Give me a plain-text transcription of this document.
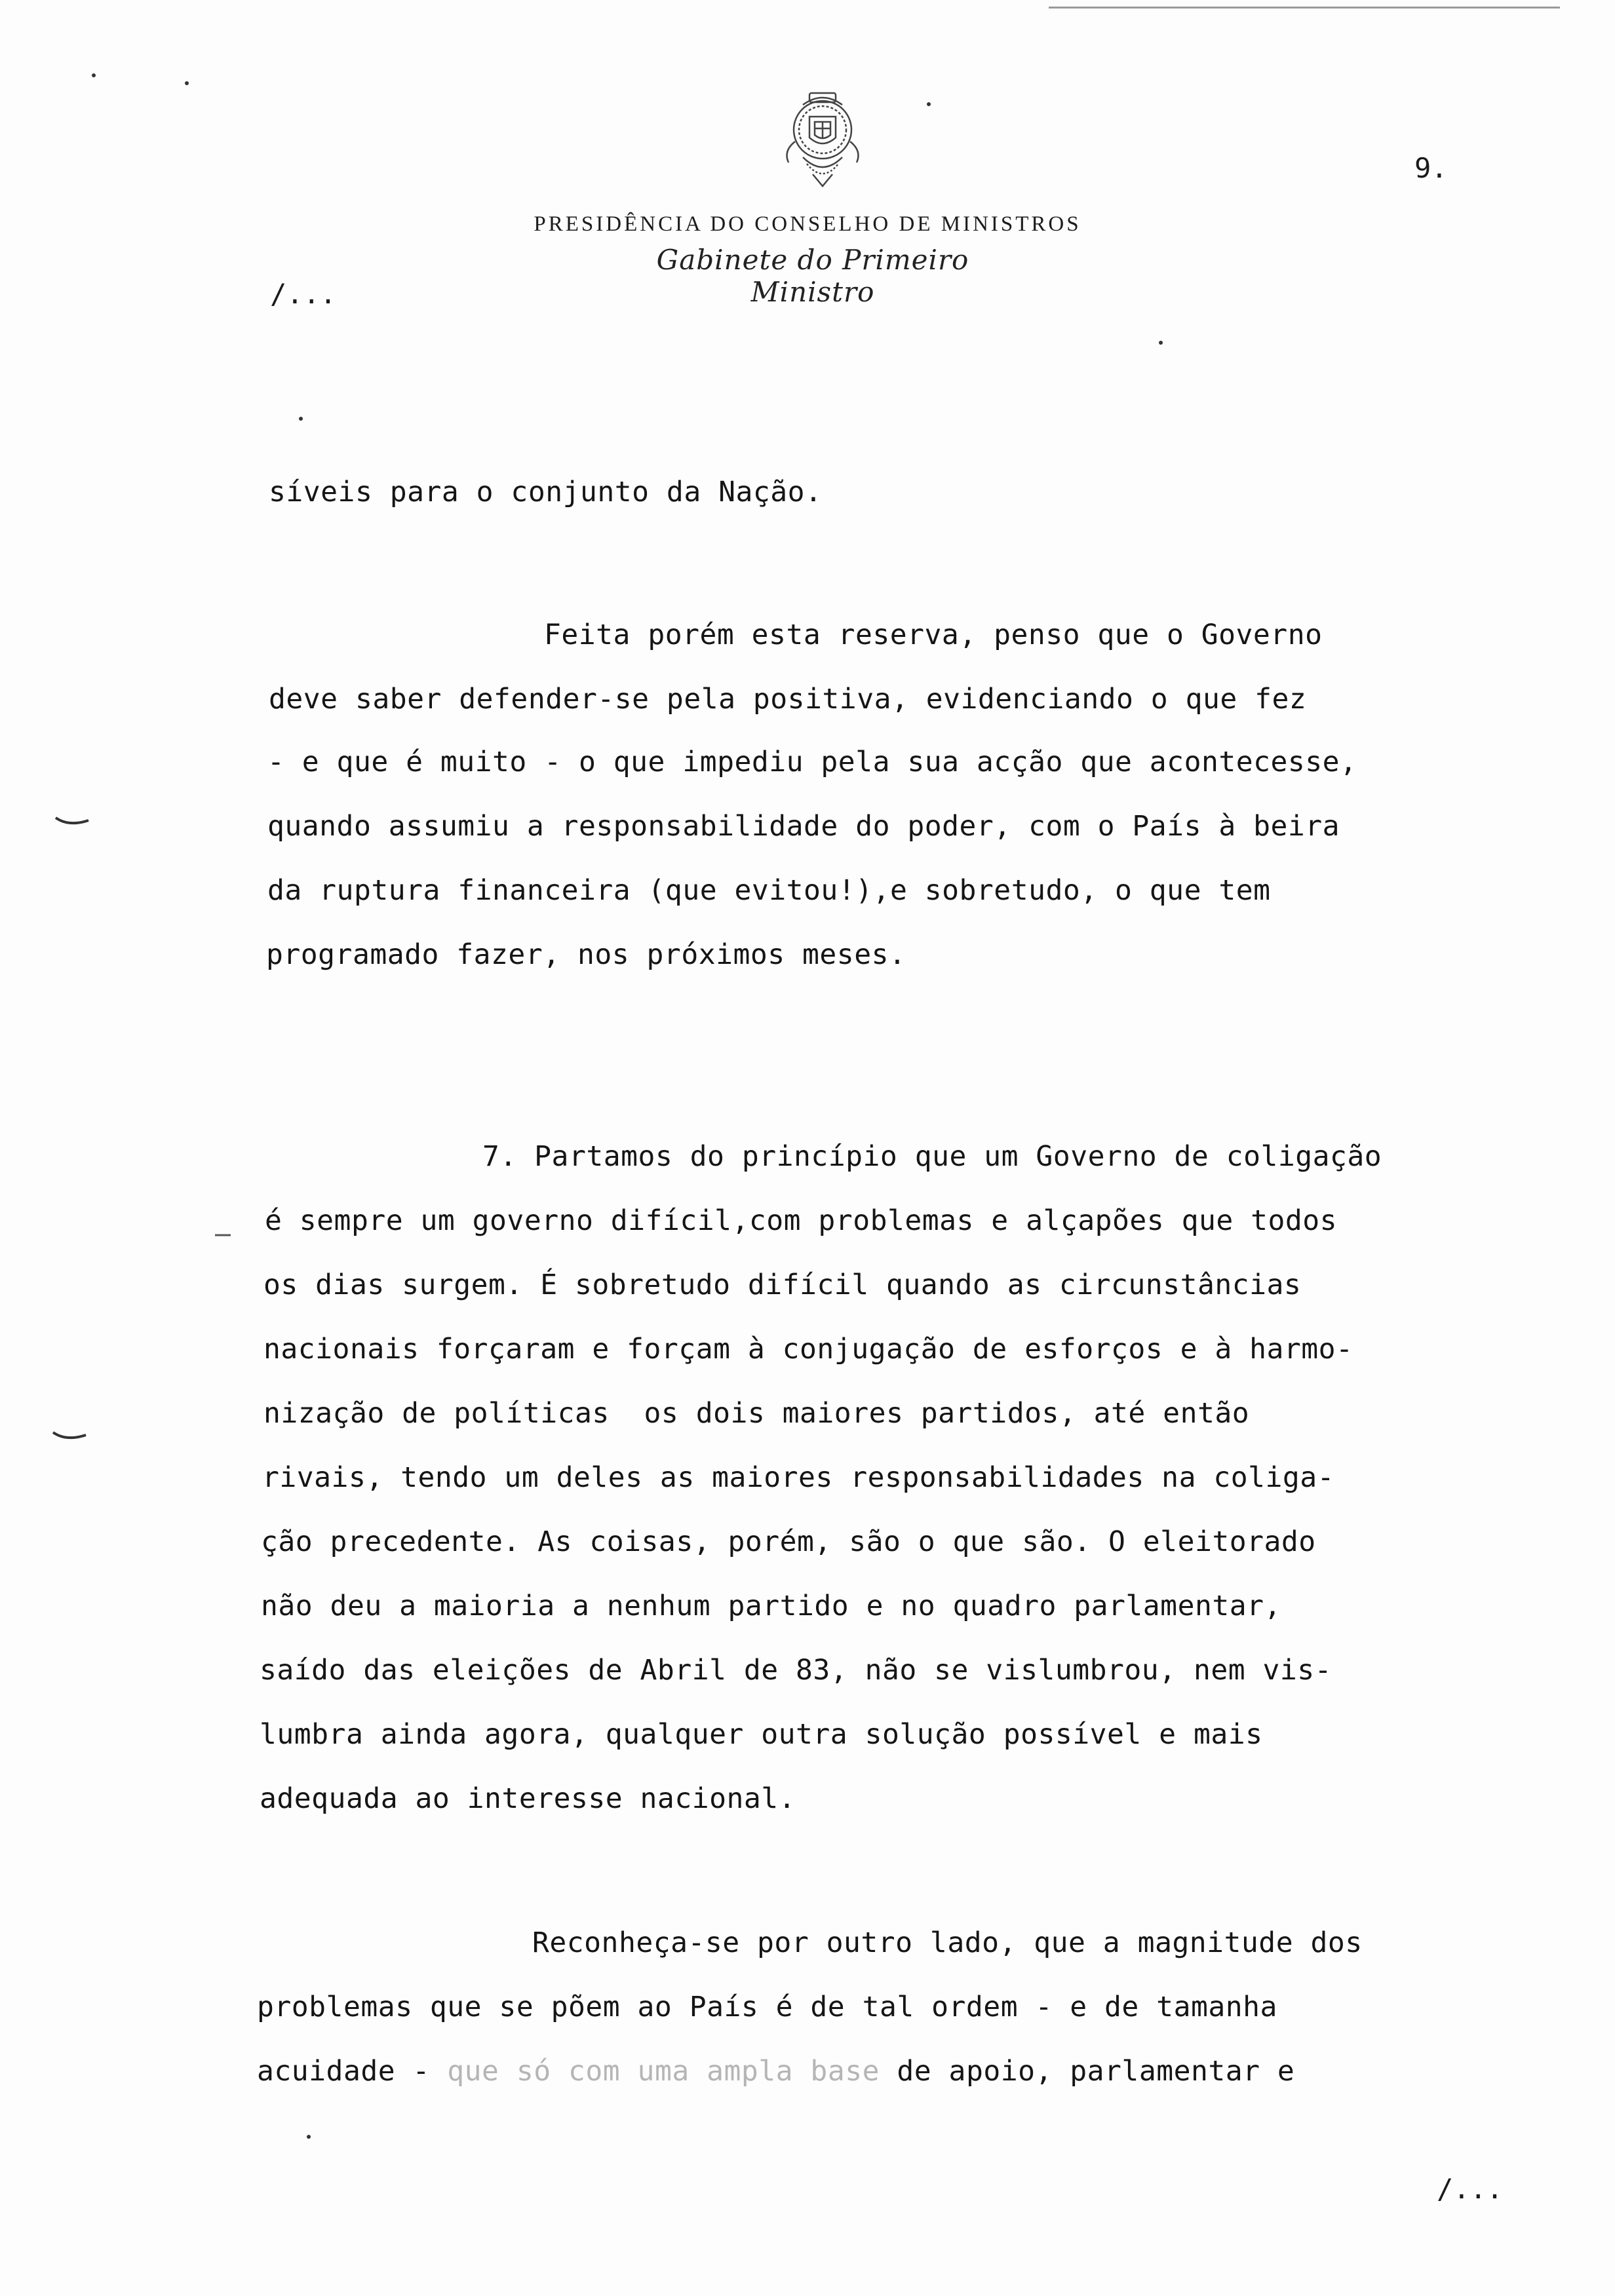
9.
PRESIDÊNCIA DO CONSELHO DE MINISTROS
Gabinete do Primeiro Ministro
/...
síveis para o conjunto da Nação.
Feita porém esta reserva, penso que o Governo
deve saber defender-se pela positiva, evidenciando o que fez
- e que é muito - o que impediu pela sua acção que acontecesse,
quando assumiu a responsabilidade do poder, com o País à beira
da ruptura financeira (que evitou!),e sobretudo, o que tem
programado fazer, nos próximos meses.
7. Partamos do princípio que um Governo de coligação
é sempre um governo difícil,com problemas e alçapões que todos
os dias surgem. É sobretudo difícil quando as circunstâncias
nacionais forçaram e forçam à conjugação de esforços e à harmo-
nização de políticas  os dois maiores partidos, até então
rivais, tendo um deles as maiores responsabilidades na coliga-
ção precedente. As coisas, porém, são o que são. O eleitorado
não deu a maioria a nenhum partido e no quadro parlamentar,
saído das eleições de Abril de 83, não se vislumbrou, nem vis-
lumbra ainda agora, qualquer outra solução possível e mais
adequada ao interesse nacional.
Reconheça-se por outro lado, que a magnitude dos
problemas que se põem ao País é de tal ordem - e de tamanha
acuidade - que só com uma ampla base de apoio, parlamentar e
/...
